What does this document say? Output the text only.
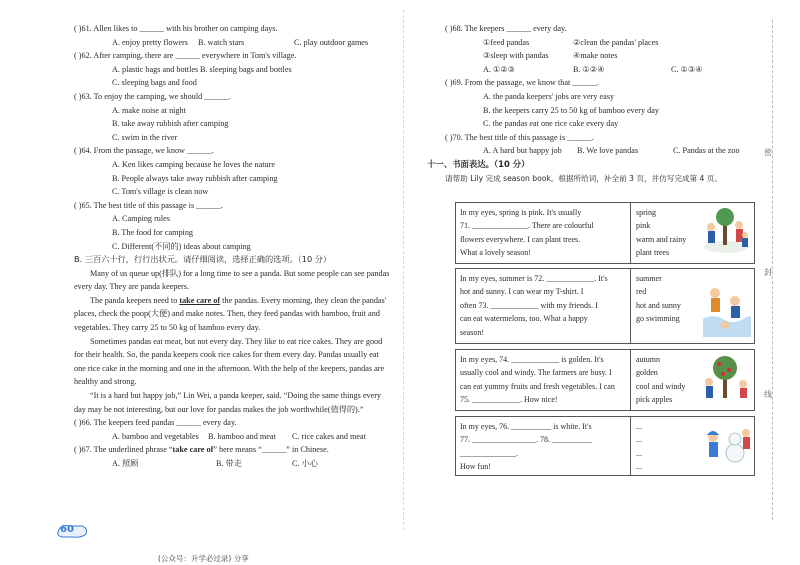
( )61. Allen likes to ______ with his brother on camping days.
A. enjoy pretty flowers	B. watch stars	C. play outdoor games
( )62. After camping, there are ______ everywhere in Tom's village.
A. plastic bags and bottles B. sleeping bags and bottles
C. sleeping bags and food
( )63. To enjoy the camping, we should ______.
A. make noise at night
B. take away rubbish after camping
C. swim in the river
( )64. From the passage, we know ______.
A. Ken likes camping because he loves the nature
B. People always take away rubbish after camping
C. Tom's village is clean now
( )65. The best title of this passage is ______.
A. Camping rules
B. The food for camping
C. Different(不同的) ideas about camping
B. 三百六十行，行行出状元。请仔细阅读，选择正确的选项。（10 分）

Many of us queue up(排队) for a long time to see a panda. But some people can see pandas every day. They are panda keepers.

The panda keepers need to take care of the pandas. Every morning, they clean the pandas' places, check the poop(大便) and make notes. Then, they feed pandas with bamboo, fruit and vegetables. They carry 25 to 50 kg of bamboo every day.

Sometimes pandas eat meat, but not every day. They like to eat rice cakes. They are good for their health. So, the panda keepers cook rice cakes for them every day. Pandas usually eat one rice cake in the morning and one in the afternoon. With the help of the keepers, pandas are healthy and strong.

“It is a hard but happy job,” Lin Wei, a panda keeper, said. “Doing the same things every day may be not interesting, but our love for pandas makes the job worthwhile(值得的).”

( )66. The keepers feed pandas ______ every day.
A. bamboo and vegetables	B. bamboo and meat	C. rice cakes and meat
( )67. The underlined phrase “take care of” here means “______” in Chinese.
A. 照顾	B. 带走	C. 小心
60
( )68. The keepers ______ every day.
①feed pandas	②clean the pandas' places
③sleep with pandas	④make notes
A. ①②③	B. ①②④	C. ①③④
( )69. From the passage, we know that ______.
A. the panda keepers' jobs are very easy
B. the keepers carry 25 to 50 kg of bamboo every day
C. the pandas eat one rice cake every day
( )70. The best title of this passage is ______.
A. A hard but happy job	B. We love pandas	C. Pandas at the zoo
十一、书面表达。（10 分）
请帮助 Lily 完成 season book。根据所给词，补全前 3 页，并仿写完成第 4 页。
In my eyes, spring is pink. It's usually
71. ______________. There are colourful
flowers everywhere. I can plant trees.
What a lovely season!
spring
pink
warm and rainy
plant trees
In my eyes, summer is 72. ____________. It's
hot and sunny. I can wear my T-shirt. I
often 73. ____________ with my friends. I
can eat watermelons, too. What a happy
season!
summer
red
hot and sunny
go swimming
In my eyes, 74. ____________ is golden. It's
usually cool and windy. The farmers are busy. I
can eat yummy fruits and fresh vegetables. I can
75. ____________. How nice!
autumn
golden
cool and windy
pick apples
In my eyes, 76. __________ is white. It's
77. ________________. 78. __________
______________.
How fun!
...
...
...
...
密
封
线
(公众号：升学必过录) 分享
